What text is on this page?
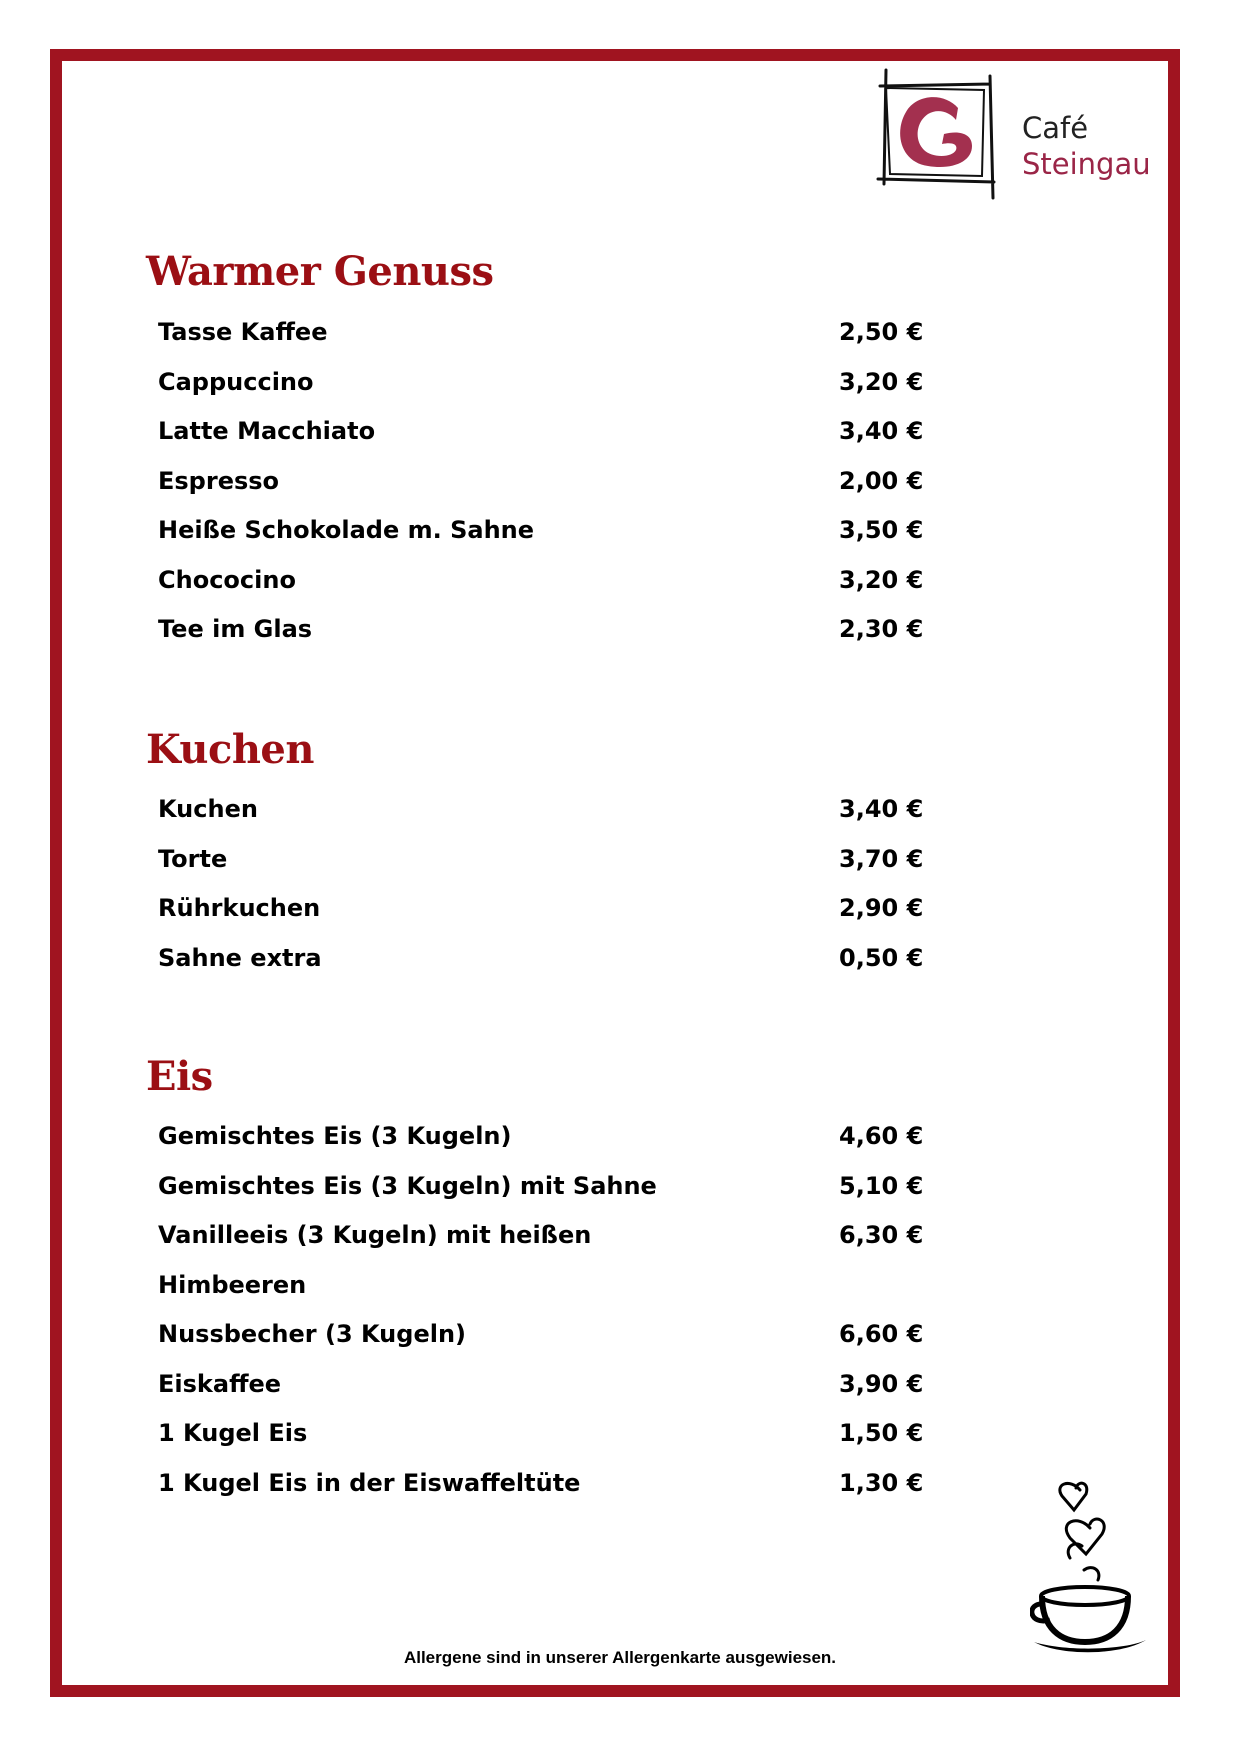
Café
Steingau
Warmer Genuss
Tasse Kaffee	2,50 €
Cappuccino	3,20 €
Latte Macchiato	3,40 €
Espresso	2,00 €
Heiße Schokolade m. Sahne	3,50 €
Chococino	3,20 €
Tee im Glas	2,30 €
Kuchen
Kuchen	3,40 €
Torte	3,70 €
Rührkuchen	2,90 €
Sahne extra	0,50 €
Eis
Gemischtes Eis (3 Kugeln)	4,60 €
Gemischtes Eis (3 Kugeln) mit Sahne	5,10 €
Vanilleeis (3 Kugeln) mit heißen	6,30 €
Himbeeren
Nussbecher (3 Kugeln)	6,60 €
Eiskaffee	3,90 €
1 Kugel Eis	1,50 €
1 Kugel Eis in der Eiswaffeltüte	1,30 €
Allergene sind in unserer Allergenkarte ausgewiesen.
